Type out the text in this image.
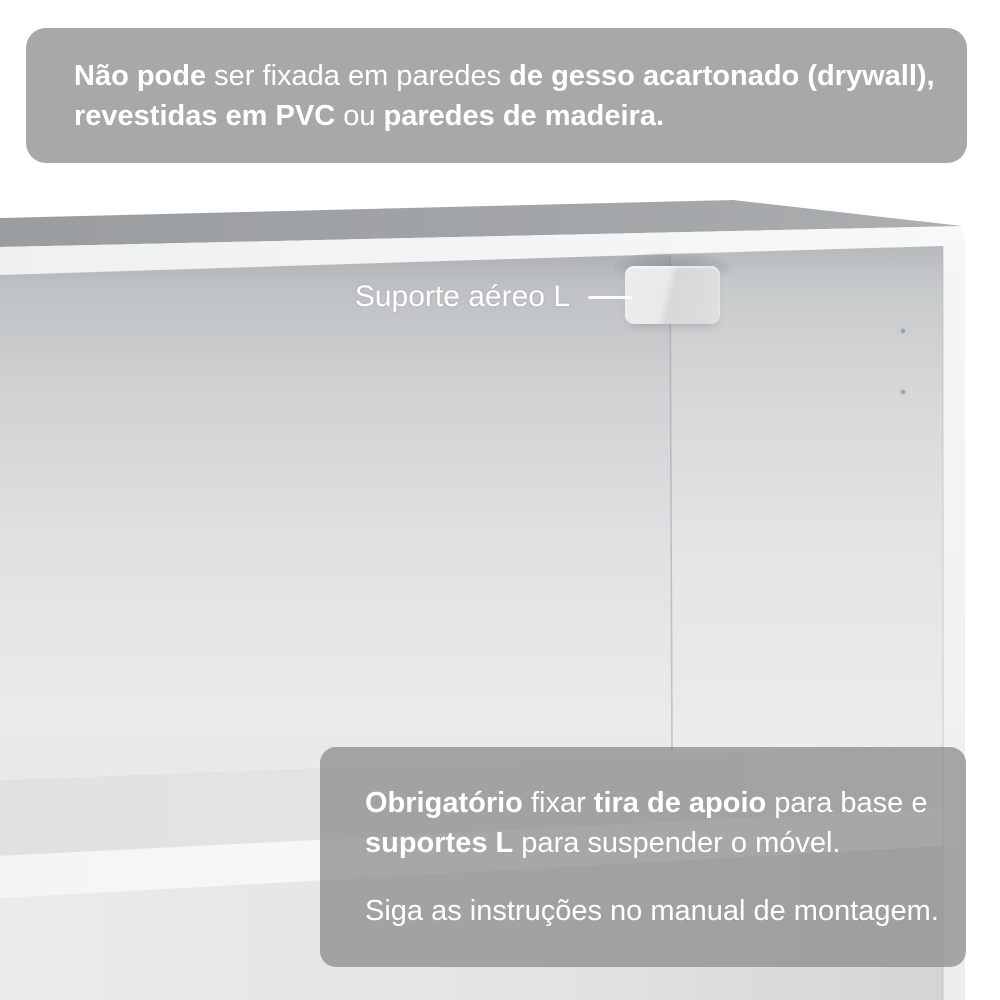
Suporte aéreo L

Não pode ser fixada em paredes de gesso acartonado (drywall),

revestidas em PVC ou paredes de madeira.

Obrigatório fixar tira de apoio para base e

suportes L para suspender o móvel.

Siga as instruções no manual de montagem.
